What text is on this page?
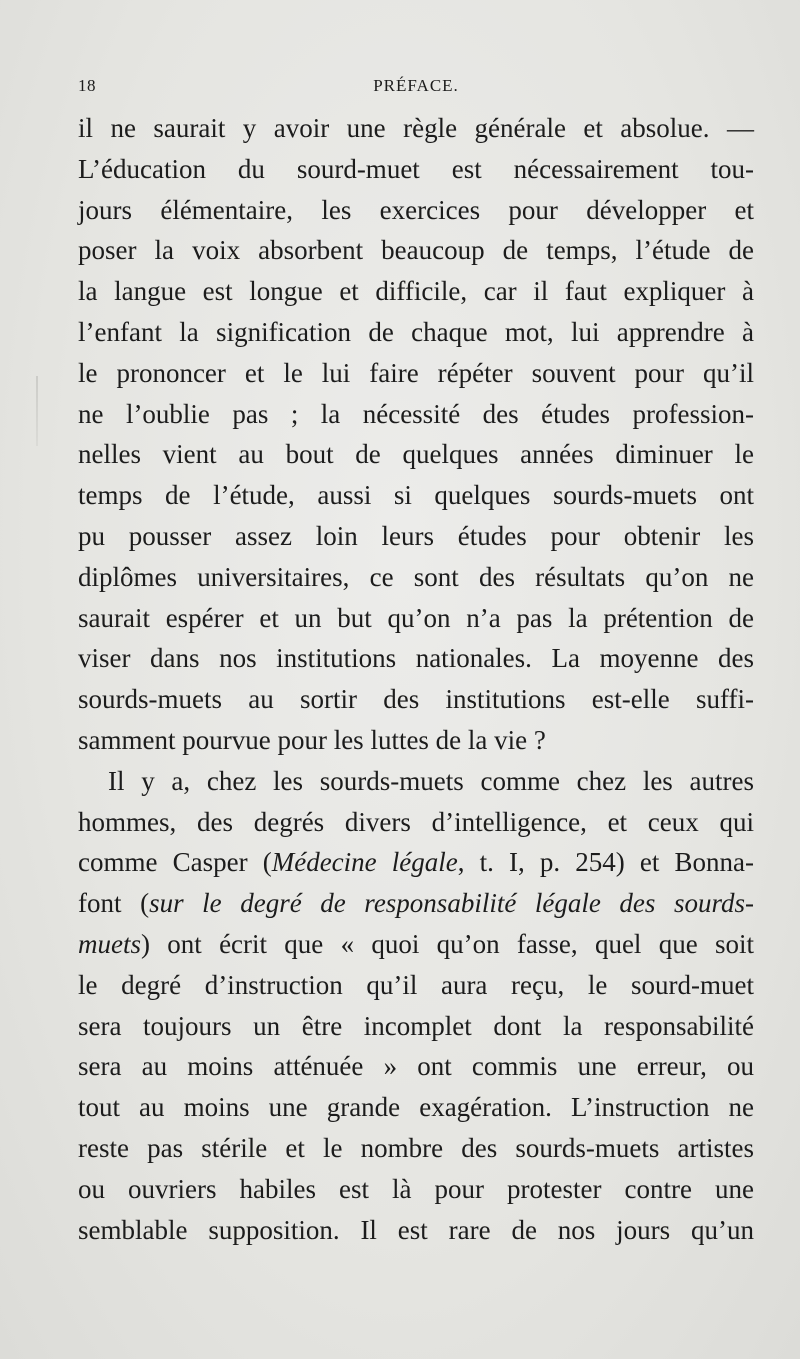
18	PRÉFACE.
il ne saurait y avoir une règle générale et absolue. —
L’éducation du sourd-muet est nécessairement tou-
jours élémentaire, les exercices pour développer et
poser la voix absorbent beaucoup de temps, l’étude de
la langue est longue et difficile, car il faut expliquer à
l’enfant la signification de chaque mot, lui apprendre à
le prononcer et le lui faire répéter souvent pour qu’il
ne l’oublie pas ; la nécessité des études profession-
nelles vient au bout de quelques années diminuer le
temps de l’étude, aussi si quelques sourds-muets ont
pu pousser assez loin leurs études pour obtenir les
diplômes universitaires, ce sont des résultats qu’on ne
saurait espérer et un but qu’on n’a pas la prétention de
viser dans nos institutions nationales. La moyenne des
sourds-muets au sortir des institutions est-elle suffi-
samment pourvue pour les luttes de la vie ?
Il y a, chez les sourds-muets comme chez les autres
hommes, des degrés divers d’intelligence, et ceux qui
comme Casper (Médecine légale, t. I, p. 254) et Bonna-
font (sur le degré de responsabilité légale des sourds-
muets) ont écrit que « quoi qu’on fasse, quel que soit
le degré d’instruction qu’il aura reçu, le sourd-muet
sera toujours un être incomplet dont la responsabilité
sera au moins atténuée » ont commis une erreur, ou
tout au moins une grande exagération. L’instruction ne
reste pas stérile et le nombre des sourds-muets artistes
ou ouvriers habiles est là pour protester contre une
semblable supposition. Il est rare de nos jours qu’un
